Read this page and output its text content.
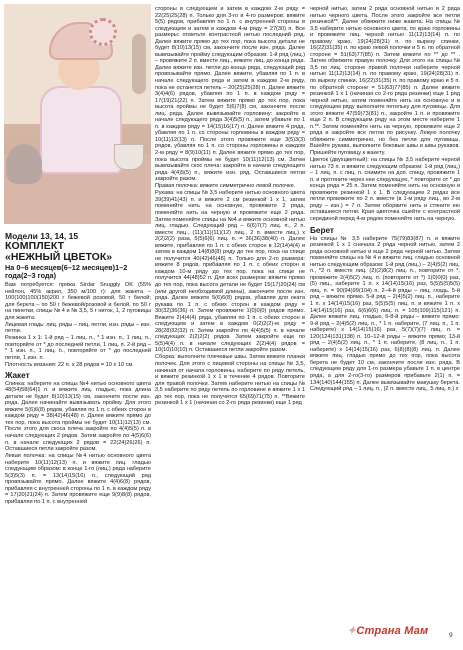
Модели 13, 14, 15
КОМПЛЕКТ
«НЕЖНЫЙ ЦВЕТОК»
На 0–6 месяцев(6–12 месяцев)1–2 года(2–3 года)

Вам потребуется: пряжа Sirdar Snuggly DK (55% нейлон, 45% акрил, 350 м/100 г): для жакета – 100(100)100(150)200 г бежевой розовой, 50 г белой; для берета – по 50 г бежевой/розовой и белой, по 50 г на пинетки, спицы № 4 и № 3,5, 5 г ниток, 1, 2 пуговицы для жакета.

Лицевая гладь: лиц. ряды – лиц. петли, изн. ряды – изн. петли.

Резинка 1 х 1: 1-й ряд – 1 лиц. п., * 1 изн. п., 1 лиц. п., повторяйте от * до последней петли, 1 лиц. п. 2-й ряд – * 1 изн. п., 1 лиц. п., повторяйте от * до последней петли, 1 изн. п.

Плотность вязания: 22 п. х 28 рядов = 10 х 10 см.

Жакет

Спинка: наберите на спицы №4 нитью основного цвета 48(54)58(64)1 п. и вяжите лиц. гладью, пока длина детали не будет 8(10)13(15) см, закончите после изн. ряда. Далее начинайте вывязывать пройму. Для этого вяжите 5(6)6(8) рядов, убавляя по 1 п. с обеих сторон в каждом ряду = 38(42)46(48) п. Далее вяжите прямо до тех пор, пока высота проймы не будет 10(11)12(13) см. После этого для скоса плеча закройте по 4(4)5(5) п. в начале следующих 2 рядов. Затем закройте по 4(5)6(6) п. в начале следующих 2 рядов = 22(24)26(26) п. Оставшиеся петли закройте разом.

Левая полочка: на спицы №4 нитью основного цвета наберите 10(11)12(13) п. и вяжите лиц. гладью следующим образом: в конце 1-го (лиц.) ряда наберите 5(3)5(3) п. = 13(14)15(16) п., следующий ряд провязывайте прямо. Далее вяжите 4(4)6(8) рядов, прибавляя с внутренней стороны по 1 п. в каждом ряду = 17(20)21(24) п. Затем провяжите еще 9(9)8(8) рядов, прибавляя по 1 п. с внутренней

стороны в следующем и затем в каждом 2-м ряду = 22(25)25(28) п. Только для 3-го и 4-го размеров: вяжите 5(5) рядов, прибавляя по 1 п. с внутренней стороны в следующем и затем в каждом 4-м ряду = 27(30) п. Все размеры: отметьте контрастной нитью последний ряд. Далее вяжите прямо до тех пор, пока высота детали не будет 8(10)13(15) см, закончите после изн. ряда. Далее вывязывайте пройму следующим образом: 1-й ряд (лиц.) – провяжите 2 п. вместе лиц., вяжите лиц. до конца ряда. Далее вяжите изн. петли до конца ряда, следующий ряд провязывайте прямо. Далее вяжите, убавляя по 1 п. в начале следующего ряда и затем в каждом 2-м ряду, пока не останется петель – 20(25)25(28) п. Далее вяжите 3(4)4(6) рядов, убавляя по 1 п. в каждом ряду = 17(19)21(22) п. Затем вяжите прямо до тех пор, пока высота проймы не будет 5(6)7(8) см, закончите после лиц. ряда. Далее вывязывайте горловину: закройте в начале следующего ряда 3(4)5(5) п., затем убавьте по 1 п. в каждом ряду = 14(15)16(17) п. Далее вяжите 4 ряда, убавляя по 1 п. со стороны горловины в каждом ряду = 10(11)12(13) п. После этого провяжите еще 3(5)3(3) рядов, убавляя по 1 п. со стороны горловины в каждом 2-м ряду = 8(9)10(11) п. Далее вяжите прямо до тех пор, пока высота проймы не будет 10(11)12(13) см. Затем вывязывайте скос плеча: закройте в начале следующего ряда 4(4)5(5) п., вяжите изн. ряд. Оставшиеся петли закройте разом.

Правая полочка: вяжите симметрично левой полочке.

Рукава: на спицы № 3,5 наберите нитью основного цвета 39(39)41(43) п. и вяжите 2 см резинкой 1 х 1, затем поменяйте нить на основную, провяжите 2 ряда, поменяйте нить на черную и провяжите еще 2 ряда. Затем поменяйте спицы на №4 и вяжите основной нитью лиц. гладью. Следующий ряд – 6(6)7(7) лиц. п., 2 п. вместе лиц., (11)(11)(11)(12) лиц., 2 п. вместе лиц.) х 2(2)2(2) раза, 5(5)6(6) лиц. п. = 36(36)38(40) п. Далее вяжите, прибавляя по 1 п. с обеих сторон в 12(14)4(4) и затем в каждом 14(8)8(8) ряду до тех пор, пока на спице не получится 40(42)46(48) п. Только для 2-го размера: вяжите 8 рядов, прибавляя по 1 п. с обеих сторон в каждом 10-м ряду до тех пор, пока на спице не получится 44(48)52 п. Для всех размеров: вяжите прямо до тех пор, пока высота детали не будет 15(17)20(24) см (или другой необходимой длины), закончите после изн. ряда. Далее вяжите 5(6)6(8) рядов, убавляя для оката рукава по 1 п. с обеих сторон в каждом ряду = 30(32)36(36) п. Затем провяжите 1(0)0(0) рядов прямо. Вяжите 2(4)4(4) ряда, убавляя по 1 п. с обеих сторон в следующем и затем в каждом 0(2)2(2)-м ряду = 28(28)32(32) п. Затем закройте по 4(4)5(5) п. в начале следующих 2(2)2(2) рядов. Затем закройте еще по 5(5)4(4) п. в начале следующих 2(2)4(4) рядов = 10(10)10(10) п. Оставшиеся петли закройте разом.

Сборка: выполните плечевые швы. Затем вяжите планки полочек. Для этого с лицевой стороны на спицы № 3,5, начиная от начала горловины, наберите по ряду петель, и вяжите резинкой 1 х 1 в течение 4 рядов. Повторите для правой полочки. Затем наберите нитью на спицы № 3,5 наберите по ряду петель по горловине и вяжите 1 х 1 до тех пор, пока не получится 65(69)71(75) п. **Вяжите резинкой 1 х 1 (начиная со 2-го ряда резинки) еще 1 ряд

черной нитью, затем 2 ряда основной нитью и 2 ряда нитью черного цвета. После этого закройте все петли резинкой**. Далее обвяжите ниже жакета. На спицы № 3,5 наберите нитью основного цвета, по краю горловины и провяжите лиц. черной нитью 11(12)13(14) п. по правому краю, 19(24)28(31) п. по вырезу спинки, 16(22)31(35) п. по краю левой полочки и 5 п. по обратной стороне = 51(63)77(85) п. Затем вяжите по ** до ** . Затем обвяжите правую полочку. Для этого на спицы № 3,5 по лиц. стороне правой полочки наберите черной нитью 11(12)13(14) п. по правому краю, 19(24)28(31) п. по вырезу спинки, 16(22)31(35) п. по правому краю и 5 п. по обратной стороне = 51(63)77(85) п. Далее вяжите резинкой 1 х 1 (начиная со 2-го ряда резинки) еще 1 ряд черной нитью, затем поменяйте нить на основную и в следующем ряду выполните петельку для пуговицы. Для этого вяжите 47(59)73(81) п., закройте 1 п. и провяжите еще 2 п. В следующем ряду на этом месте наберите 1 п.**. Затем поменяйте нить на черную, провяжите еще 2 ряда и закройте все петли по рисунку. Левую полочку обвяжите симметрично, но без петли для пуговицы. Вшейте рукава, выполните боковые швы и швы рукавов. Пришейте пуговицу к жакету.

Цветок (двухцветный): на спицы № 3,5 наберите черной нитью 73 п. и вяжите следующим образом: 1-й ряд (лиц.) – 1 лиц. п. с лиц. п. снимите на доп. спицу, провяжите 1 п. и протяните через нее следующую, * повторите от * до конца ряда = 25 п. Затем поменяйте нить на основную и провяжите резинкой 1 х 1. В следующем 2 рядах все петли провяжите по 2 п. вместе (в 1-м ряду лиц., во 2-м ряду – изн.) = 7 п. Затем оборвите нить и стяните ею оставшиеся петли. Края цветочка сшейте с контрастной серединой перед 4-м рядом поменяйте нить на черную.

Берет

На спицы № 3,5 наберите 75(79)83(87) п. и вяжите резинкой 1 х 1 сначала 2 ряда черной нитью, затем 2 ряда основной нитью и еще 2 ряда черной нитью. Затем поменяйте спицы на № 4 и вяжите лиц. гладью основной нитью следующим образом: 1-й ряд (лиц.) – 2(4)5(2) лиц. п., *2 п. вместе лиц. (2)(2)8(2) лиц. п., повторите от *, провяжите 2(4)5(2) лиц. п. (повторите от *) 1(0)0(0) раз, (5) лиц., наберите 1 п. х 14(14)15(16) раз, 5(5)5(5)5(5) лиц. п. = 90(94)99(104) п. 2–4-й ряды – лиц. гладь. 5-й ряд – вяжите прямо. 5-й ряд – 2(4)5(2) лиц. п., наберите 1 п. х 14(14)15(16) раз, 5(5)5(5) лиц. п. и вяжите 1 п. х 14(14)15(16) раз, 6(6)6(6) лиц. п. = 105(109)115(121) п. Далее вяжите лиц. гладью, 6-8-й ряды – вяжите прямо: 9-й ряд – 2(4)5(2) лиц. п., * 1 п. наберите, (7 лиц. п., 1 п. наберите) х 14(14)15(16) раз, 5(7)(7)(7) лиц. п. = 120(124)131(138) п. 10–12-й ряды – вяжите прямо; 13-й ряд – 2(4)5(2) лиц. п., * 1 п. наберите, (8 лиц. п., 1 п. наберите) х 14(14)15(16) раз, 6(8)(8)(8) лиц. п. Далее вяжите лиц. гладью прямо до тех пор, пока высота берета не будет 10 см, закончите после изн. ряда. В следующем ряду для 1-го размера убавьте 1 п. в центре ряда, а для 2-го(3-го) размеров прибавьте 2(1) п. = 134(140)144(155) п. Далее вывязывайте макушку берета. Следующий ряд – 1 лиц. п., (2 п. вместе лиц., 5 лиц. п.) х

✦Страна Мам	9
